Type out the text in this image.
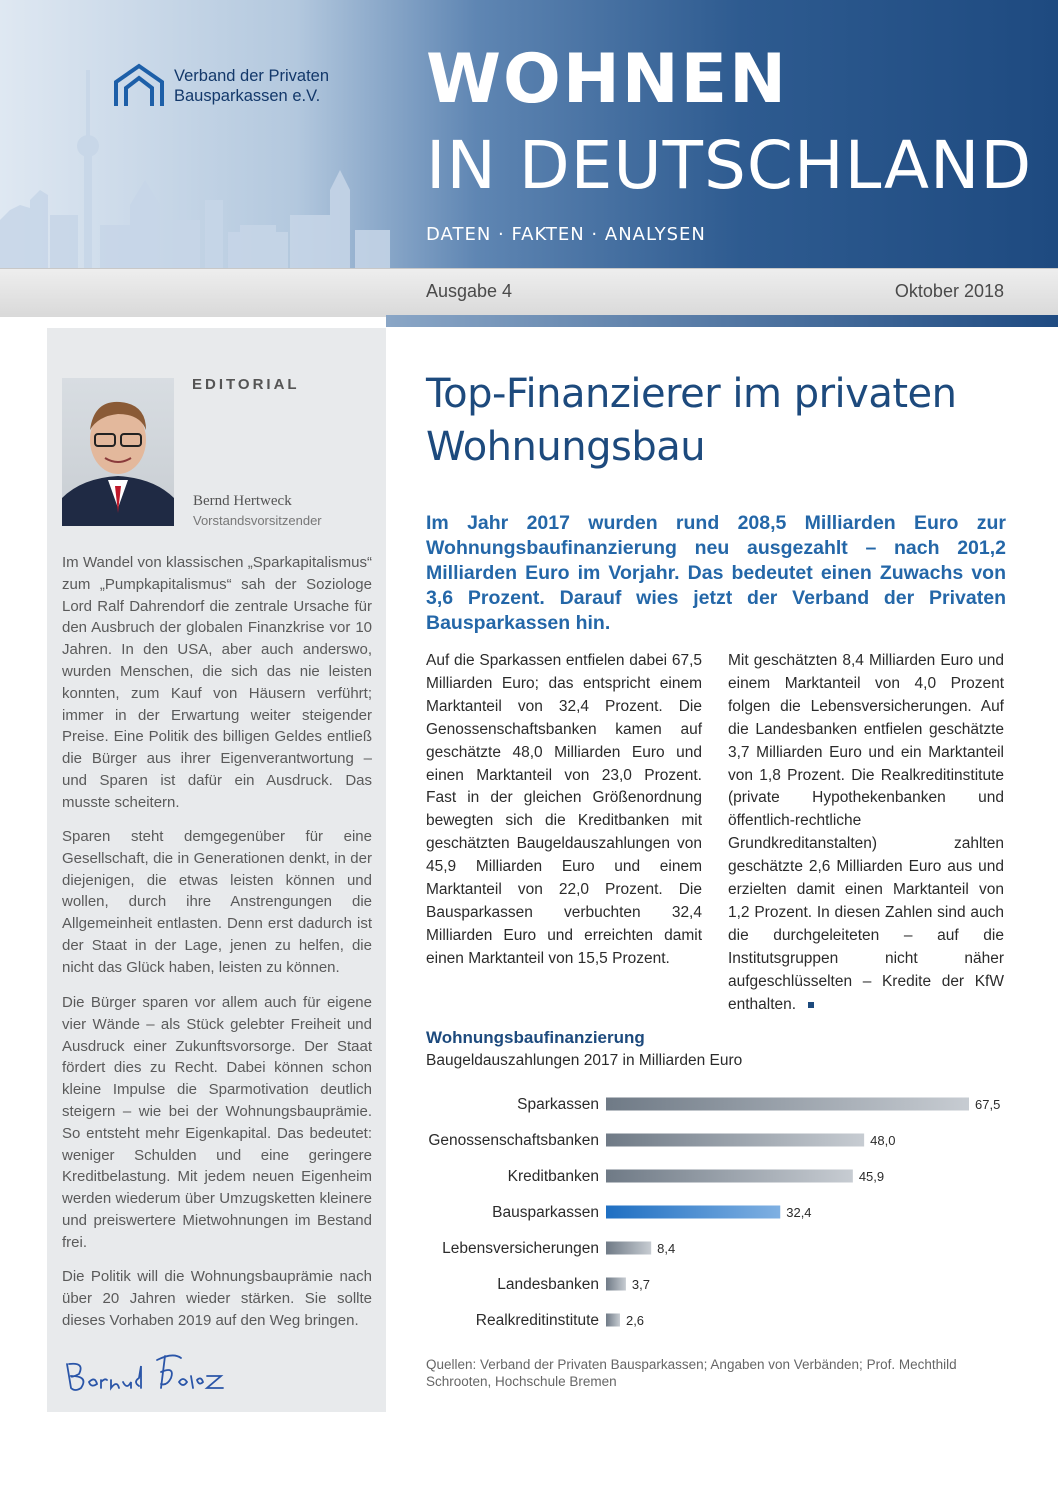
Verband der Privaten
Bausparkassen e.V. WOHNEN
IN DEUTSCHLAND
DATEN · FAKTEN · ANALYSEN
Ausgabe 4	Oktober 2018
EDITORIAL
Bernd Hertweck
Vorstandsvorsitzender
Im Wandel von klassischen „Sparkapitalismus“ zum „Pumpkapitalismus“ sah der Soziologe Lord Ralf Dahrendorf die zentrale Ursache für den Ausbruch der globalen Finanzkrise vor 10 Jahren. In den USA, aber auch anderswo, wurden Menschen, die sich das nie leisten konnten, zum Kauf von Häusern verführt; immer in der Erwartung weiter steigender Preise. Eine Politik des billigen Geldes entließ die Bürger aus ihrer Eigenverantwortung – und Sparen ist dafür ein Ausdruck. Das musste scheitern.
Sparen steht demgegenüber für eine Gesellschaft, die in Generationen denkt, in der diejenigen, die etwas leisten können und wollen, durch ihre Anstrengungen die Allgemeinheit entlasten. Denn erst dadurch ist der Staat in der Lage, jenen zu helfen, die nicht das Glück haben, leisten zu können.
Die Bürger sparen vor allem auch für eigene vier Wände – als Stück gelebter Freiheit und Ausdruck einer Zukunftsvorsorge. Der Staat fördert dies zu Recht. Dabei können schon kleine Impulse die Sparmotivation deutlich steigern – wie bei der Wohnungsbauprämie. So entsteht mehr Eigenkapital. Das bedeutet: weniger Schulden und eine geringere Kreditbelastung. Mit jedem neuen Eigenheim werden wiederum über Umzugsketten kleinere und preiswertere Mietwohnungen im Bestand frei.
Die Politik will die Wohnungsbauprämie nach über 20 Jahren wieder stärken. Sie sollte dieses Vorhaben 2019 auf den Weg bringen.
Top-Finanzierer im privaten Wohnungsbau
Im Jahr 2017 wurden rund 208,5 Milliarden Euro zur Wohnungsbaufinanzierung neu ausgezahlt – nach 201,2 Milliarden Euro im Vorjahr. Das bedeutet einen Zuwachs von 3,6 Prozent. Darauf wies jetzt der Verband der Privaten Bausparkassen hin.
Auf die Sparkassen entfielen dabei 67,5 Milliarden Euro; das entspricht einem Marktanteil von 32,4 Prozent. Die Genossenschaftsbanken kamen auf geschätzte 48,0 Milliarden Euro und einen Marktanteil von 23,0 Prozent. Fast in der gleichen Größenordnung bewegten sich die Kreditbanken mit geschätzten Baugeldauszahlungen von 45,9 Milliarden Euro und einem Marktanteil von 22,0 Prozent. Die Bausparkassen verbuchten 32,4 Milliarden Euro und erreichten damit einen Marktanteil von 15,5 Prozent.
Mit geschätzten 8,4 Milliarden Euro und einem Marktanteil von 4,0 Prozent folgen die Lebensversicherungen. Auf die Landesbanken entfielen geschätzte 3,7 Milliarden Euro und ein Marktanteil von 1,8 Prozent. Die Realkreditinstitute (private Hypothekenbanken und öffentlich-rechtliche Grundkreditanstalten) zahlten geschätzte 2,6 Milliarden Euro aus und erzielten damit einen Marktanteil von 1,2 Prozent. In diesen Zahlen sind auch die durchgeleiteten – auf die Institutsgruppen nicht näher aufgeschlüsselten – Kredite der KfW enthalten.
Wohnungsbaufinanzierung
Baugeldauszahlungen 2017 in Milliarden Euro
Sparkassen	67,5
Genossenschaftsbanken	48,0
Kreditbanken	45,9
Bausparkassen	32,4
Lebensversicherungen	8,4
Landesbanken	3,7
Realkreditinstitute 2,6
Quellen: Verband der Privaten Bausparkassen; Angaben von Verbänden; Prof. Mechthild Schrooten, Hochschule Bremen
